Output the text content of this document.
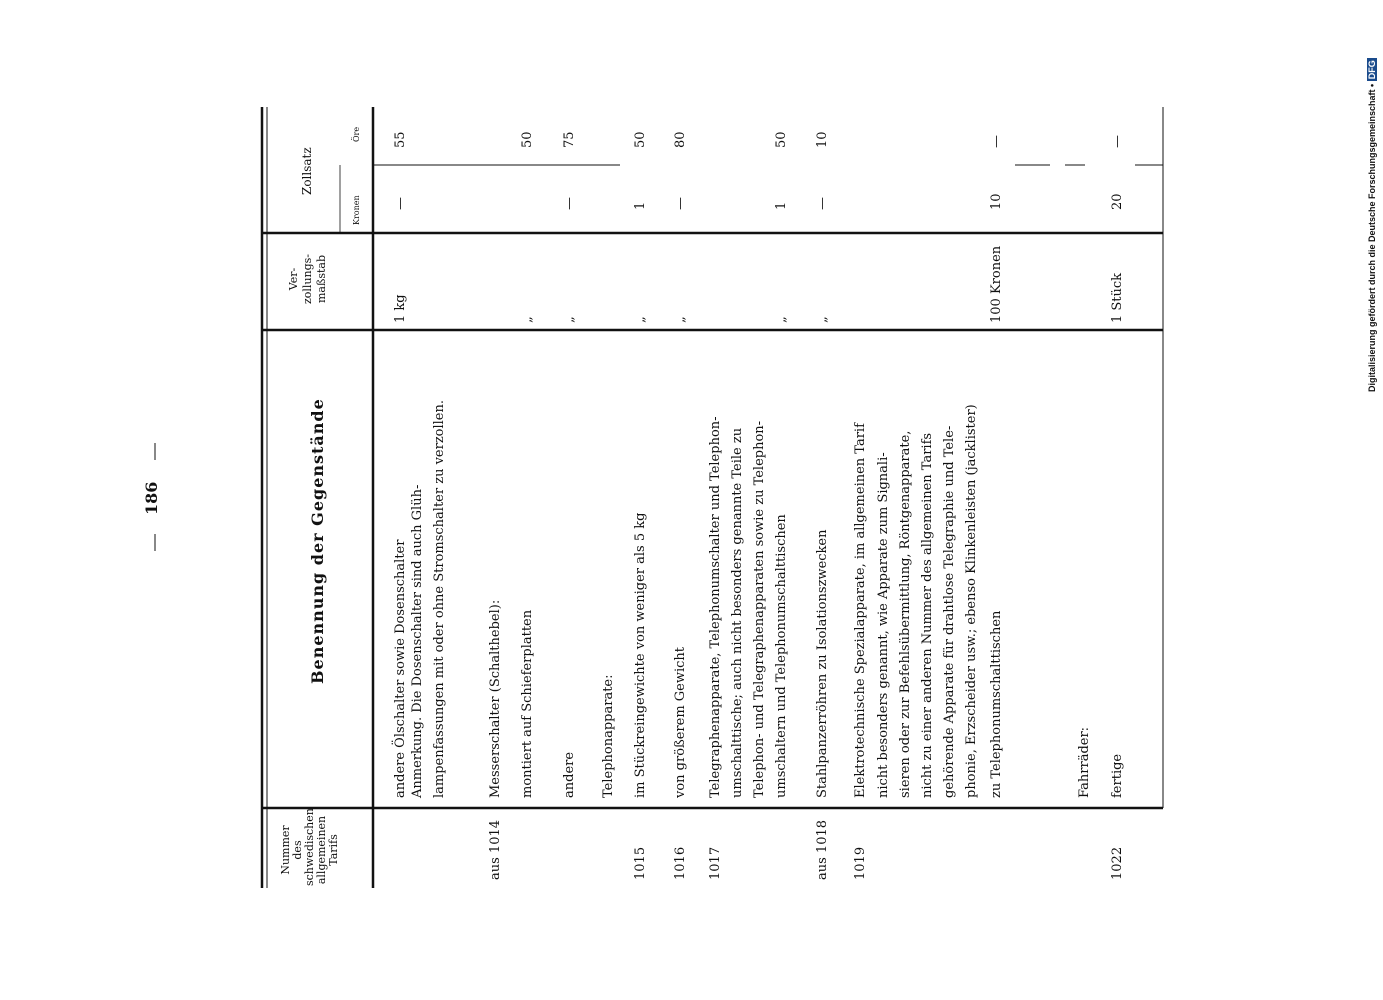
186
Nummer
des
schwedischen
allgemeinen
Tarifs
Benennung der Gegenstände
Ver-
zollungs-
maßstab
Zollsatz
Kronen
Öre
andere Ölschalter sowie Dosenschalter
1 kg
—
55
Anmerkung. Die Dosenschalter sind auch Glüh- lampenfassungen mit oder ohne Stromschalter zu verzollen.
aus 1014
Messerschalter (Schalthebel): montiert auf Schieferplatten
„
50
andere
„
—
75
Telephonapparate:
1015
im Stückreingewichte von weniger als 5 kg
„
1
50
1016
von größerem Gewicht
„
—
80
1017
Telegraphenapparate, Telephonumschalter und Telephon- umschalttische; auch nicht besonders genannte Teile zu Telephon- und Telegraphenapparaten sowie zu Telephon- umschaltern und Telephonumschalttischen
„
1
50
aus 1018
Stahlpanzerröhren zu Isolationszwecken
„
—
10
1019
Elektrotechnische Spezialapparate, im allgemeinen Tarif nicht besonders genannt, wie Apparate zum Signali- sieren oder zur Befehlsübermittlung, Röntgenapparate, nicht zu einer anderen Nummer des allgemeinen Tarifs gehörende Apparate für drahtlose Telegraphie und Tele- phonie, Erzscheider usw.; ebenso Klinkenleisten (jacklister) zu Telephonumschalttischen
100 Kronen
10
—
Fahrräder:
1022
fertige
1 Stück
20
—	Digitalisierung gefördert durch die Deutsche Forschungsgemeinschaft • DFG
